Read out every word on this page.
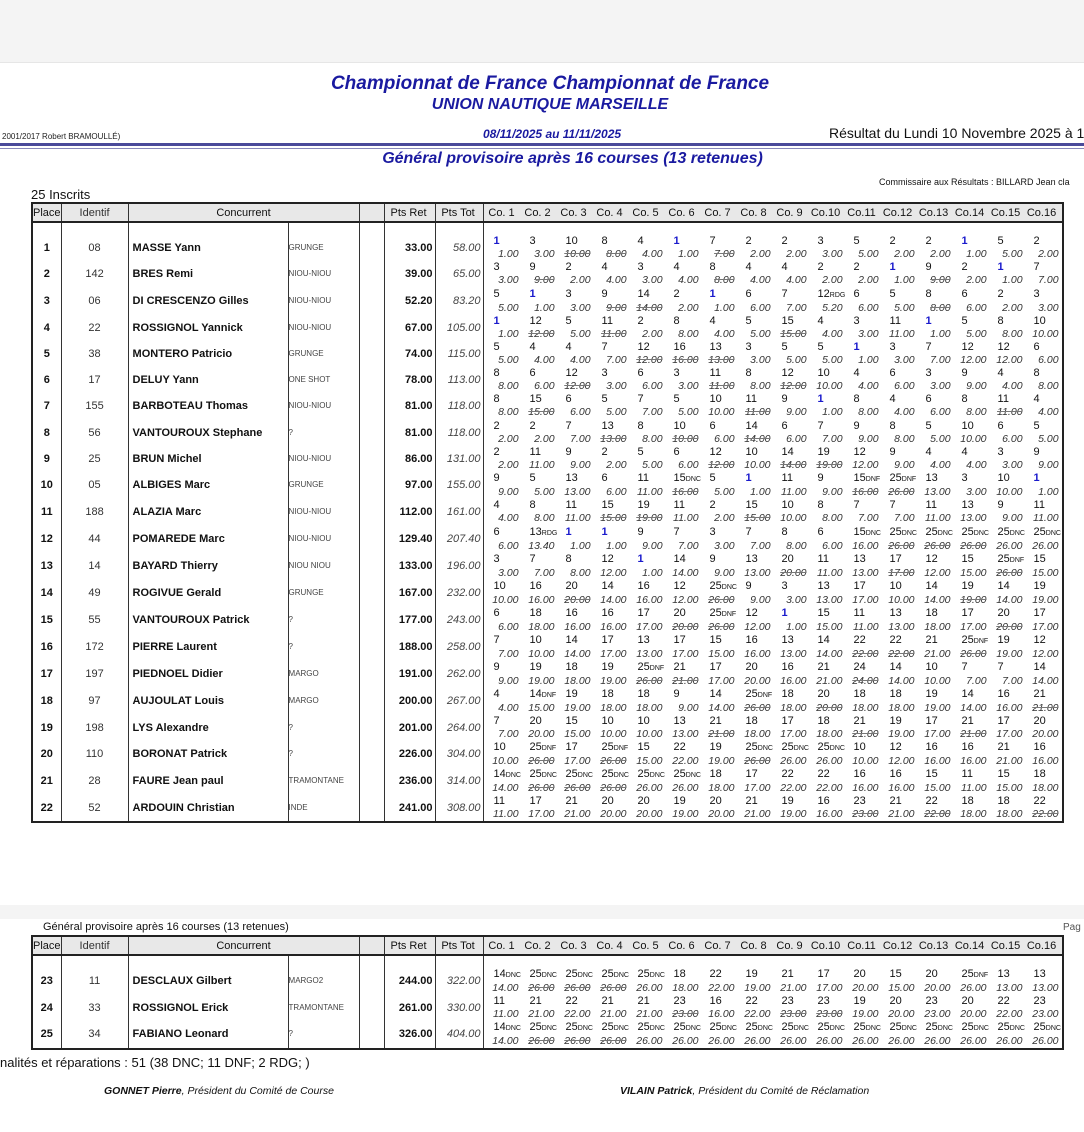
Championnat de France Championnat de France
UNION NAUTIQUE MARSEILLE
2001/2017 Robert BRAMOULLÉ)	08/11/2025 au 11/11/2025	Résultat du Lundi 10 Novembre 2025 à 1
Général provisoire après 16 courses (13 retenues)
Commissaire aux Résultats : BILLARD Jean cla
25 Inscrits
Place	Identif	Concurrent		Pts Ret	Pts Tot	Co. 1 Co. 2 Co. 3 Co. 4 Co. 5 Co. 6 Co. 7 Co. 8 Co. 9 Co.10 Co.11 Co.12 Co.13 Co.14 Co.15 Co.16

1	08	MASSE Yann	GRUNGE		33.00	58.00	
1	3	10	8	4	1	7	2	2	3	5	2	2	1	5	2
1.00	3.00 10.00	8.00	4.00	1.00	7.00	2.00	2.00	3.00	5.00	2.00	2.00	1.00	5.00	2.00

2	142	BRES Remi	NIOU-NIOU		39.00	65.00	
3	9	2	4	3	4	8	4	4	2	2	1	9	2	1	7
3.00	9.00	2.00	4.00	3.00	4.00	8.00	4.00	4.00	2.00	2.00	1.00	9.00	2.00	1.00	7.00

3	06	DI CRESCENZO Gilles	NIOU-NIOU		52.20	83.20	
5	1	3	9	14	2	1	6	7	12RDG 6	5	8	6	2	3
5.00	1.00	3.00	9.00 14.00	2.00	1.00	6.00	7.00	5.20	6.00	5.00	8.00	6.00	2.00	3.00

4	22	ROSSIGNOL Yannick	NIOU-NIOU		67.00	105.00	
1	12	5	11	2	8	4	5	15	4	3	11	1	5	8	10
1.00 12.00	5.00	11.00	2.00	8.00	4.00	5.00 15.00	4.00	3.00	11.00	1.00	5.00	8.00 10.00

5	38	MONTERO Patricio	GRUNGE		74.00	115.00	
5	4	4	7	12	16	13	3	5	5	1	3	7	12	12	6
5.00	4.00	4.00	7.00 12.00 16.00 13.00	3.00	5.00	5.00	1.00	3.00	7.00 12.00 12.00	6.00

6	17	DELUY Yann	ONE SHOT		78.00	113.00	
8	6	12	3	6	3	11	8	12	10	4	6	3	9	4	8
8.00	6.00 12.00	3.00	6.00	3.00	11.00	8.00 12.00 10.00	4.00	6.00	3.00	9.00	4.00	8.00

7	155	BARBOTEAU Thomas	NIOU-NIOU		81.00	118.00	
8	15	6	5	7	5	10	11	9	1	8	4	6	8	11	4
8.00 15.00	6.00	5.00	7.00	5.00 10.00	11.00	9.00	1.00	8.00	4.00	6.00	8.00	11.00	4.00

8	56	VANTOUROUX Stephane	?		81.00	118.00	
2	2	7	13	8	10	6	14	6	7	9	8	5	10	6	5
2.00	2.00	7.00 13.00	8.00 10.00	6.00 14.00	6.00	7.00	9.00	8.00	5.00 10.00	6.00	5.00

9	25	BRUN Michel	NIOU-NIOU		86.00	131.00	
2	11	9	2	5	6	12	10	14	19	12	9	4	4	3	9
2.00	11.00	9.00	2.00	5.00	6.00 12.00 10.00 14.00 19.00 12.00	9.00	4.00	4.00	3.00	9.00

10	05	ALBIGES Marc	GRUNGE		97.00	155.00	
9	5	13	6	11	15DNC 5	1	11	9	15DNF 25DNF 13	3	10	1
9.00	5.00 13.00	6.00	11.00 16.00	5.00	1.00	11.00	9.00 16.00 26.00 13.00	3.00 10.00	1.00

11	188	ALAZIA Marc	NIOU-NIOU		112.00	161.00	
4	8	11	15	19	11	2	15	10	8	7	7	11	13	9	11
4.00	8.00	11.00 15.00 19.00	11.00	2.00 15.00 10.00	8.00	7.00	7.00	11.00 13.00	9.00	11.00

12	44	POMAREDE Marc	NIOU-NIOU		129.40	207.40	
6	13RDG 1	1	9	7	3	7	8	6	15DNC 25DNC 25DNC 25DNC 25DNC 25DNC
6.00 13.40	1.00	1.00	9.00	7.00	3.00	7.00	8.00	6.00 16.00 26.00 26.00 26.00 26.00 26.00

13	14	BAYARD Thierry	NIOU NIOU		133.00	196.00	
3	7	8	12	1	14	9	13	20	11	13	17	12	15	25DNF 15
3.00	7.00	8.00 12.00	1.00 14.00	9.00 13.00 20.00	11.00 13.00 17.00 12.00 15.00 26.00 15.00

14	49	ROGIVUE Gerald	GRUNGE		167.00	232.00	
10	16	20	14	16	12	25DNC 9	3	13	17	10	14	19	14	19
10.00 16.00 20.00 14.00 16.00 12.00 26.00	9.00	3.00 13.00 17.00 10.00 14.00 19.00 14.00 19.00

15	55	VANTOUROUX Patrick	?		177.00	243.00	
6	18	16	16	17	20	25DNF 12	1	15	11	13	18	17	20	17
6.00 18.00 16.00 16.00 17.00 20.00 26.00 12.00	1.00 15.00	11.00 13.00 18.00 17.00 20.00 17.00

16	172	PIERRE Laurent	?		188.00	258.00	
7	10	14	17	13	17	15	16	13	14	22	22	21	25DNF 19	12
7.00 10.00 14.00 17.00 13.00 17.00 15.00 16.00 13.00 14.00 22.00 22.00 21.00 26.00 19.00 12.00

17	197	PIEDNOEL Didier	MARGO		191.00	262.00	
9	19	18	19	25DNF 21	17	20	16	21	24	14	10	7	7	14
9.00 19.00 18.00 19.00 26.00 21.00 17.00 20.00 16.00 21.00 24.00 14.00 10.00	7.00	7.00 14.00

18	97	AUJOULAT Louis	MARGO		200.00	267.00	
4	14DNF 19	18	18	9	14	25DNF 18	20	18	18	19	14	16	21
4.00 15.00 19.00 18.00 18.00	9.00 14.00 26.00 18.00 20.00 18.00 18.00 19.00 14.00 16.00 21.00

19	198	LYS Alexandre	?		201.00	264.00	
7	20	15	10	10	13	21	18	17	18	21	19	17	21	17	20
7.00 20.00 15.00 10.00 10.00 13.00 21.00 18.00 17.00 18.00 21.00 19.00 17.00 21.00 17.00 20.00

20	110	BORONAT Patrick	?		226.00	304.00	
10	25DNF 17	25DNF 15	22	19	25DNC 25DNC 25DNC 10	12	16	16	21	16
10.00 26.00 17.00 26.00 15.00 22.00 19.00 26.00 26.00 26.00 10.00 12.00 16.00 16.00 21.00 16.00

21	28	FAURE Jean paul	TRAMONTANE		236.00	314.00	
14DNC 25DNC 25DNC 25DNC 25DNC 25DNC 18	17	22	22	16	16	15	11	15	18
14.00 26.00 26.00 26.00 26.00 26.00 18.00 17.00 22.00 22.00 16.00 16.00 15.00	11.00 15.00 18.00

22	52	ARDOUIN Christian	INDE		241.00	308.00	
11	17	21	20	20	19	20	21	19	16	23	21	22	18	18	22
11.00 17.00 21.00 20.00 20.00 19.00 20.00 21.00 19.00 16.00 23.00 21.00 22.00 18.00 18.00 22.00
Général provisoire après 16 courses (13 retenues)	Pag
Place	Identif	Concurrent		Pts Ret	Pts Tot	Co. 1 Co. 2 Co. 3 Co. 4 Co. 5 Co. 6 Co. 7 Co. 8 Co. 9 Co.10 Co.11 Co.12 Co.13 Co.14 Co.15 Co.16

23	11	DESCLAUX Gilbert	MARGO2		244.00	322.00	
14DNC 25DNC 25DNC 25DNC 25DNC 18	22	19	21	17	20	15	20	25DNF 13	13
14.00 26.00 26.00 26.00 26.00 18.00 22.00 19.00 21.00 17.00 20.00 15.00 20.00 26.00 13.00 13.00

24	33	ROSSIGNOL Erick	TRAMONTANE		261.00	330.00	
11	21	22	21	21	23	16	22	23	23	19	20	23	20	22	23
11.00 21.00 22.00 21.00 21.00 23.00 16.00 22.00 23.00 23.00 19.00 20.00 23.00 20.00 22.00 23.00

25	34	FABIANO Leonard	?		326.00	404.00	
14DNC 25DNC 25DNC 25DNC 25DNC 25DNC 25DNC 25DNC 25DNC 25DNC 25DNC 25DNC 25DNC 25DNC 25DNC 25DNC
14.00 26.00 26.00 26.00 26.00 26.00 26.00 26.00 26.00 26.00 26.00 26.00 26.00 26.00 26.00 26.00
nalités et réparations : 51 (38 DNC; 11 DNF; 2 RDG; )
GONNET Pierre, Président du Comité de Course	VILAIN Patrick, Président du Comité de Réclamation
